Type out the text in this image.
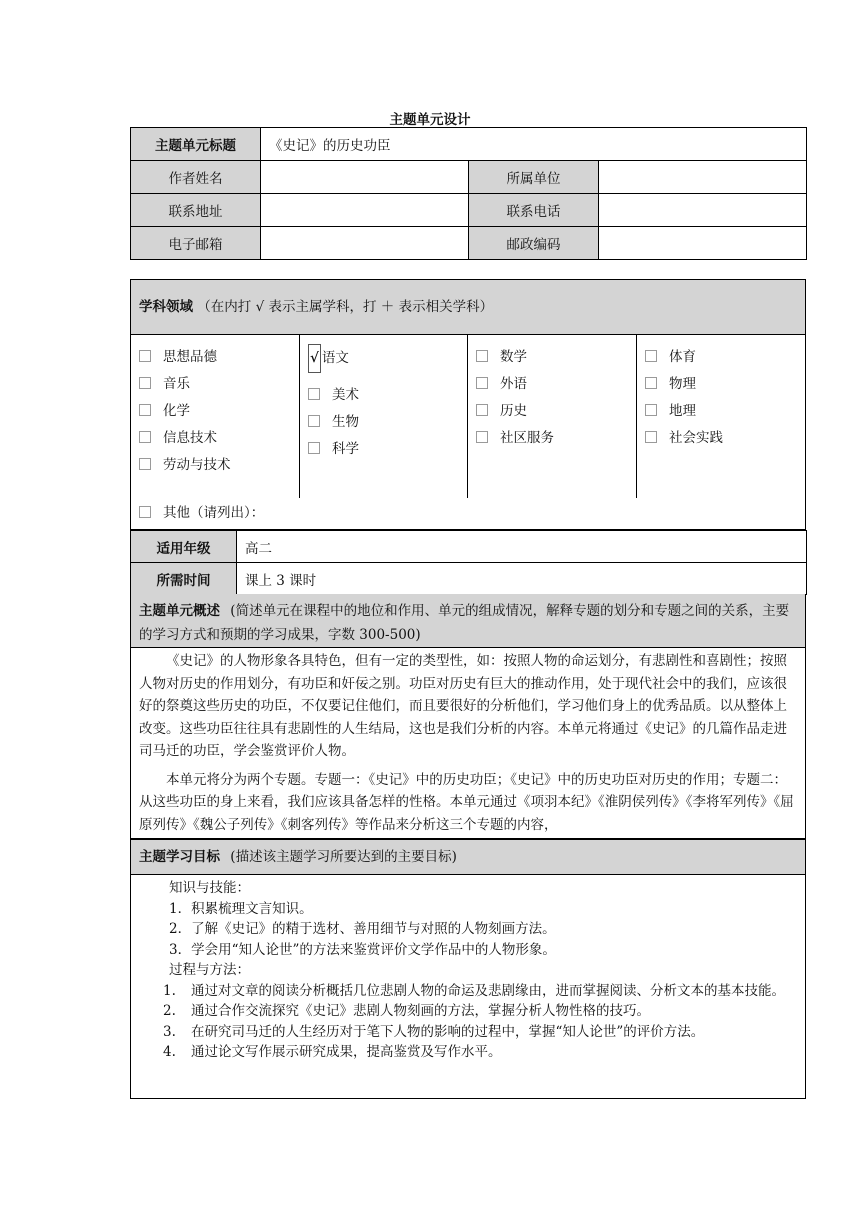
主题单元设计
主题单元标题	《史记》的历史功臣		
作者姓名		所属单位	
联系地址		联系电话	
电子邮箱		邮政编码	
学科领域 （在内打 √ 表示主属学科，打 ＋ 表示相关学科）
思想品德
音乐
化学
信息技术
劳动与技术
√ 语文
美术
生物
科学
数学
外语
历史
社区服务
体育
物理
地理
社会实践
其他（请列出）：
适用年级	高二
所需时间	课上 3 课时
主题单元概述 (简述单元在课程中的地位和作用、单元的组成情况，解释专题的划分和专题之间的关系，主要的学习方式和预期的学习成果，字数 300-500)

《史记》的人物形象各具特色，但有一定的类型性，如：按照人物的命运划分，有悲剧性和喜剧性；按照人物对历史的作用划分，有功臣和奸佞之别。功臣对历史有巨大的推动作用，处于现代社会中的我们，应该很好的祭奠这些历史的功臣，不仅要记住他们，而且要很好的分析他们，学习他们身上的优秀品质。以从整体上改变。这些功臣往往具有悲剧性的人生结局，这也是我们分析的内容。本单元将通过《史记》的几篇作品走进司马迁的功臣，学会鉴赏评价人物。

本单元将分为两个专题。专题一：《史记》中的历史功臣；《史记》中的历史功臣对历史的作用；专题二：从这些功臣的身上来看，我们应该具备怎样的性格。本单元通过《项羽本纪》《淮阴侯列传》《李将军列传》《屈原列传》《魏公子列传》《刺客列传》等作品来分析这三个专题的内容，

主题学习目标 (描述该主题学习所要达到的主要目标)
知识与技能：
1．积累梳理文言知识。
2．了解《史记》的精于选材、善用细节与对照的人物刻画方法。
3．学会用“知人论世”的方法来鉴赏评价文学作品中的人物形象。
过程与方法：
1.	通过对文章的阅读分析概括几位悲剧人物的命运及悲剧缘由，进而掌握阅读、分析文本的基本技能。
2.	通过合作交流探究《史记》悲剧人物刻画的方法，掌握分析人物性格的技巧。
3.	在研究司马迁的人生经历对于笔下人物的影响的过程中，掌握“知人论世”的评价方法。
4.	通过论文写作展示研究成果，提高鉴赏及写作水平。
